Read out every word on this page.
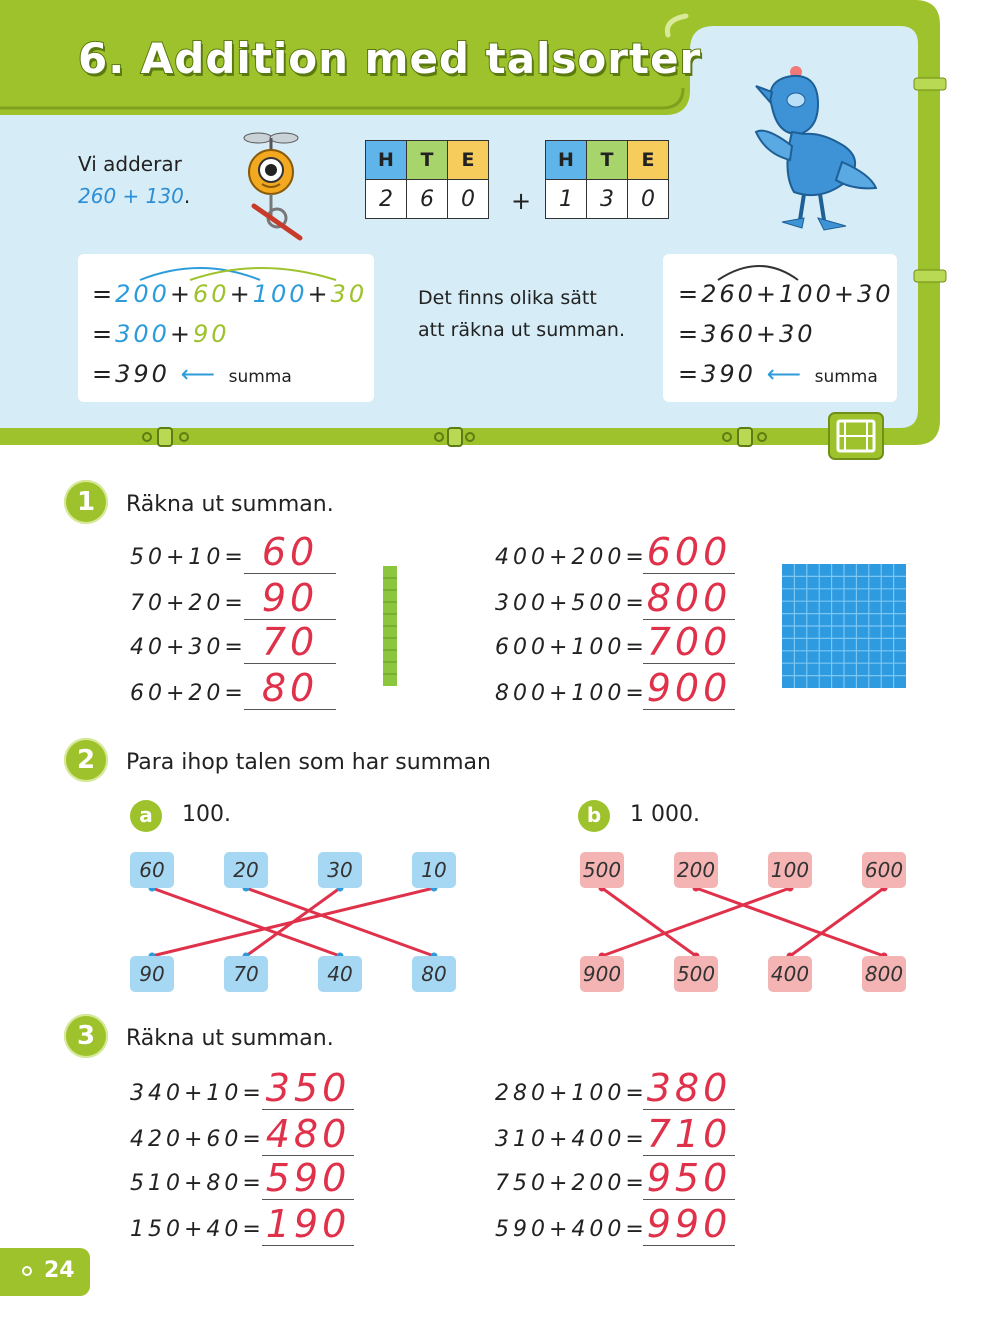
6. Addition med talsorter
Vi adderar
260 + 130.
H	T	E
2	6	0 +
H	T	E
1	3	0
=200+60+100+30
=300+90
=390 ⟵ summa
Det finns olika sätt
att räkna ut summan.
=260+100+30
=360+30
=390 ⟵ summa
1	Räkna ut summan.
50+10= 60
70+20= 90
40+30= 70
60+20= 80
400+200=
600
300+500=
800
600+100=
700
800+100=
900
2	Para ihop talen som har summan
a	100.	b	1 000.
60	20	30	10
90	70	40	80
500	200	100	600
900	500	400	800
3	Räkna ut summan.
340+10= 350
420+60= 480
510+80= 590
150+40= 190
280+100=
380
310+400=
710
750+200=
950
590+400=
990
24
